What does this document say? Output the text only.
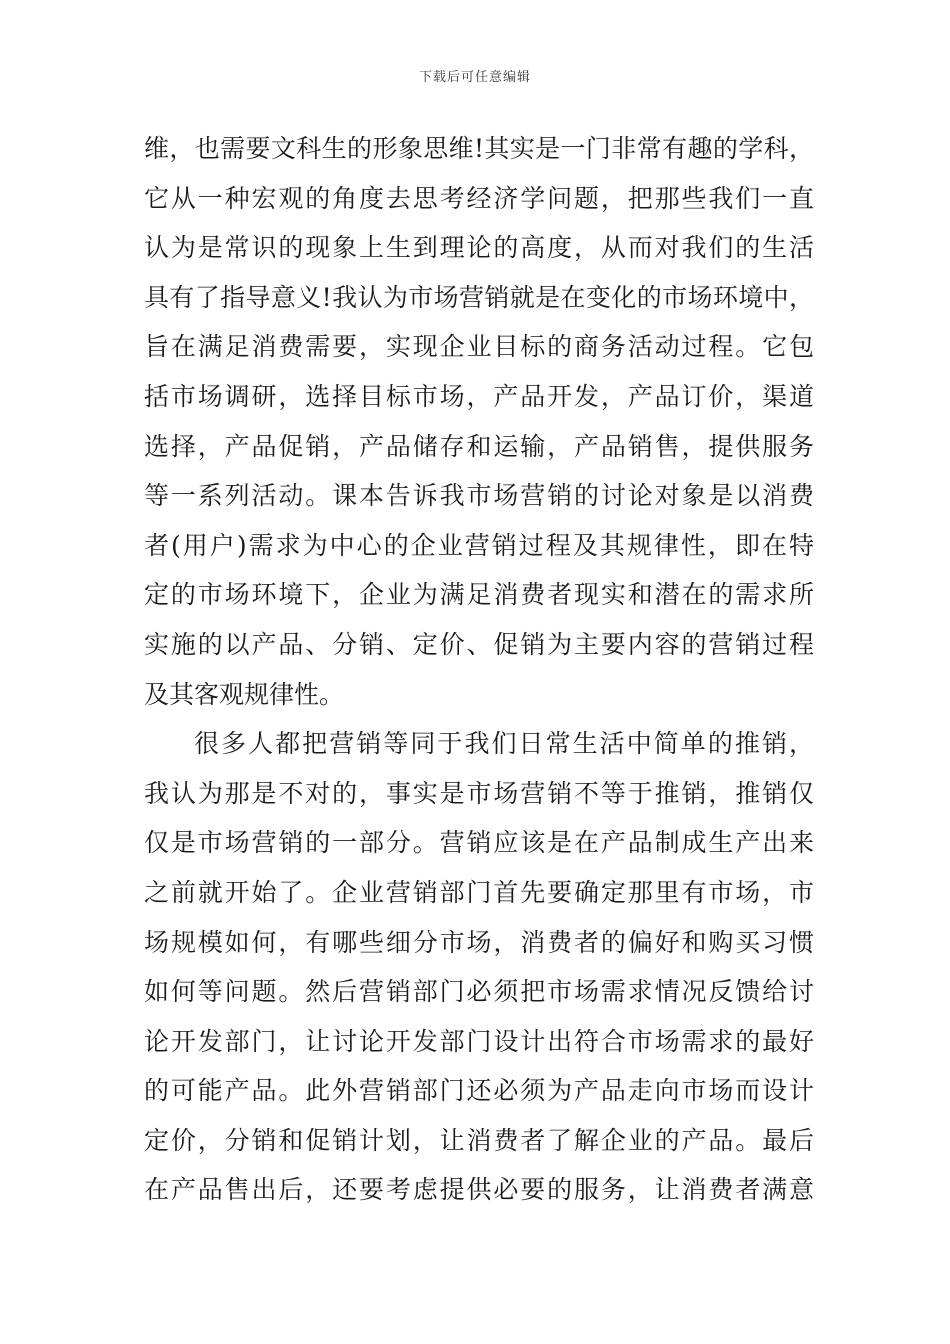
下载后可任意编辑
维，也需要文科生的形象思维!其实是一门非常有趣的学科，
它从一种宏观的角度去思考经济学问题，把那些我们一直
认为是常识的现象上生到理论的高度，从而对我们的生活
具有了指导意义!我认为市场营销就是在变化的市场环境中，
旨在满足消费需要，实现企业目标的商务活动过程。它包
括市场调研，选择目标市场，产品开发，产品订价，渠道
选择，产品促销，产品储存和运输，产品销售，提供服务
等一系列活动。课本告诉我市场营销的讨论对象是以消费
者(用户)需求为中心的企业营销过程及其规律性，即在特
定的市场环境下，企业为满足消费者现实和潜在的需求所
实施的以产品、分销、定价、促销为主要内容的营销过程
及其客观规律性。
很多人都把营销等同于我们日常生活中简单的推销，
我认为那是不对的，事实是市场营销不等于推销，推销仅
仅是市场营销的一部分。营销应该是在产品制成生产出来
之前就开始了。企业营销部门首先要确定那里有市场，市
场规模如何，有哪些细分市场，消费者的偏好和购买习惯
如何等问题。然后营销部门必须把市场需求情况反馈给讨
论开发部门，让讨论开发部门设计出符合市场需求的最好
的可能产品。此外营销部门还必须为产品走向市场而设计
定价，分销和促销计划，让消费者了解企业的产品。最后
在产品售出后，还要考虑提供必要的服务，让消费者满意
